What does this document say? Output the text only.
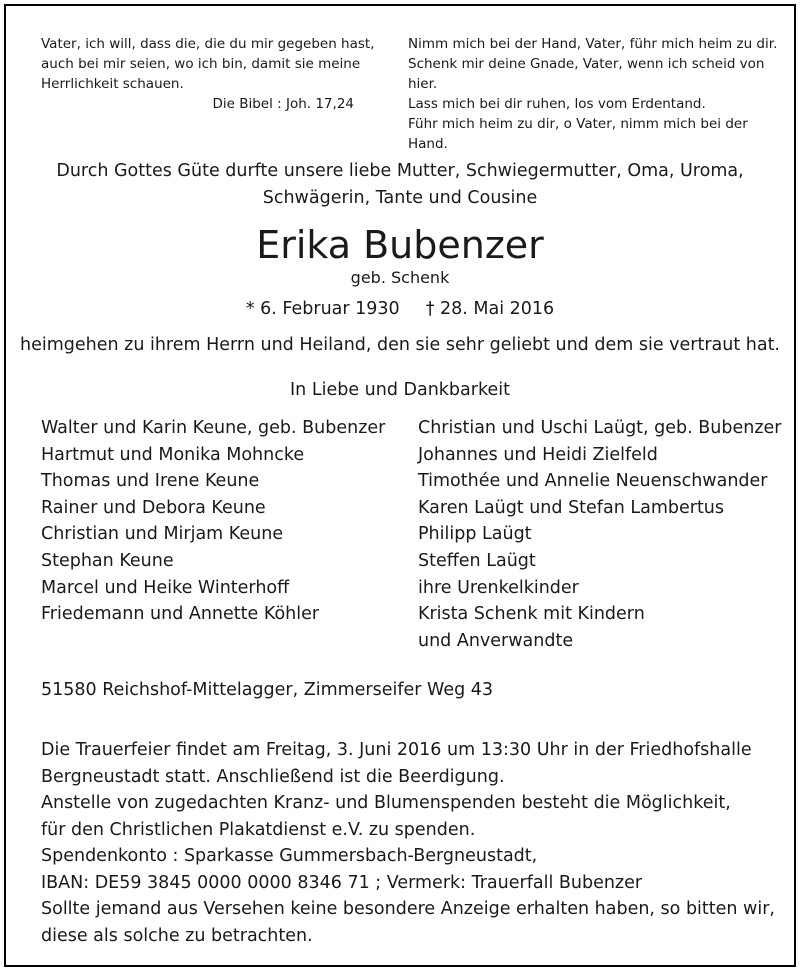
Vater, ich will, dass die, die du mir gegeben hast,
auch bei mir seien, wo ich bin, damit sie meine
Herrlichkeit schauen.
Die Bibel : Joh. 17,24
Nimm mich bei der Hand, Vater, führ mich heim zu dir.
Schenk mir deine Gnade, Vater, wenn ich scheid von hier.
Lass mich bei dir ruhen, los vom Erdentand.
Führ mich heim zu dir, o Vater, nimm mich bei der Hand.
Durch Gottes Güte durfte unsere liebe Mutter, Schwiegermutter, Oma, Uroma,
Schwägerin, Tante und Cousine
Erika Bubenzer
geb. Schenk
* 6. Februar 1930 † 28. Mai 2016
heimgehen zu ihrem Herrn und Heiland, den sie sehr geliebt und dem sie vertraut hat.
In Liebe und Dankbarkeit
Walter und Karin Keune, geb. Bubenzer
Hartmut und Monika Mohncke
Thomas und Irene Keune
Rainer und Debora Keune
Christian und Mirjam Keune
Stephan Keune
Marcel und Heike Winterhoff
Friedemann und Annette Köhler
Christian und Uschi Laügt, geb. Bubenzer
Johannes und Heidi Zielfeld
Timothée und Annelie Neuenschwander
Karen Laügt und Stefan Lambertus
Philipp Laügt
Steffen Laügt
ihre Urenkelkinder
Krista Schenk mit Kindern
und Anverwandte
51580 Reichshof-Mittelagger, Zimmerseifer Weg 43
Die Trauerfeier findet am Freitag, 3. Juni 2016 um 13:30 Uhr in der Friedhofshalle
Bergneustadt statt. Anschließend ist die Beerdigung.
Anstelle von zugedachten Kranz- und Blumenspenden besteht die Möglichkeit,
für den Christlichen Plakatdienst e.V. zu spenden.
Spendenkonto : Sparkasse Gummersbach-Bergneustadt,
IBAN: DE59 3845 0000 0000 8346 71 ; Vermerk: Trauerfall Bubenzer
Sollte jemand aus Versehen keine besondere Anzeige erhalten haben, so bitten wir,
diese als solche zu betrachten.
